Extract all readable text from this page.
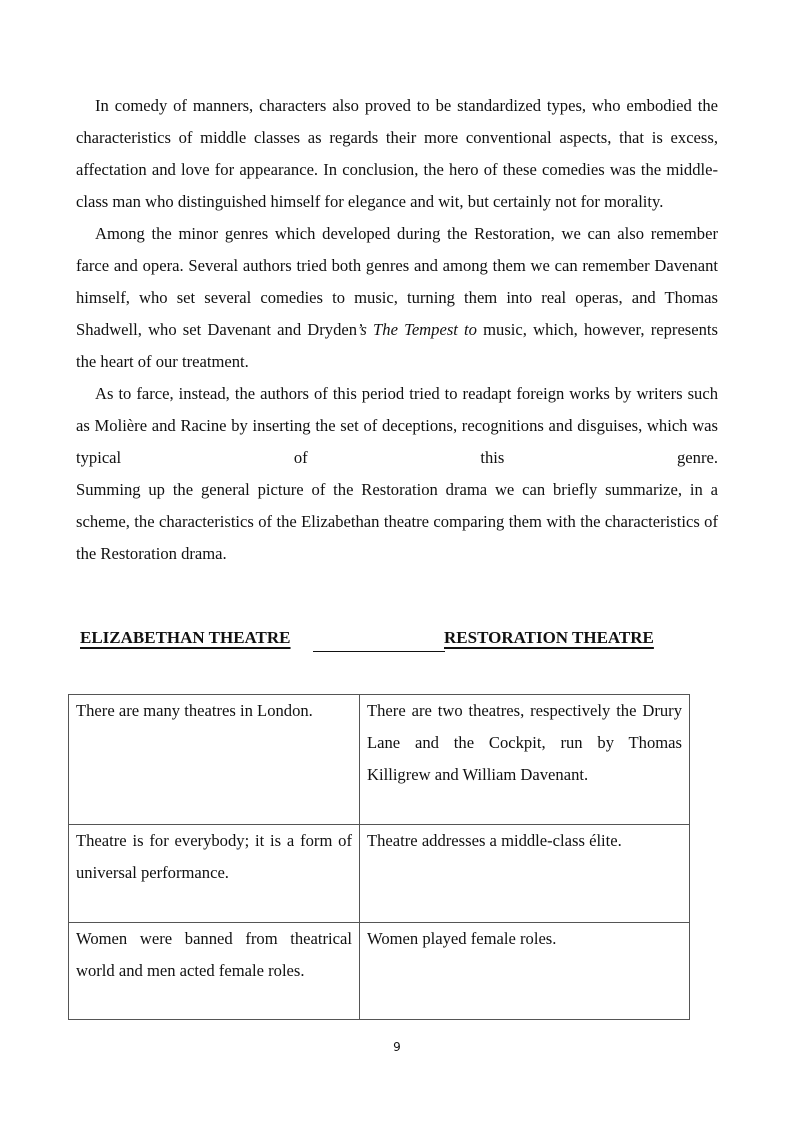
In comedy of manners, characters also proved to be standardized types, who embodied the characteristics of middle classes as regards their more conventional aspects, that is excess, affectation and love for appearance. In conclusion, the hero of these comedies was the middle-class man who distinguished himself for elegance and wit, but certainly not for morality.

Among the minor genres which developed during the Restoration, we can also remember farce and opera. Several authors tried both genres and among them we can remember Davenant himself, who set several comedies to music, turning them into real operas, and Thomas Shadwell, who set Davenant and Dryden’s The Tempest to music, which, however, represents the heart of our treatment.

As to farce, instead, the authors of this period tried to readapt foreign works by writers such as Molière and Racine by inserting the set of deceptions, recognitions and disguises, which was typical of this genre.

Summing up the general picture of the Restoration drama we can briefly summarize, in a scheme, the characteristics of the Elizabethan theatre comparing them with the characteristics of the Restoration drama.

ELIZABETHAN THEATRE	RESTORATION THEATRE
There are many theatres in London.	There are two theatres, respectively the Drury Lane and the Cockpit, run by Thomas Killigrew and William Davenant.
Theatre is for everybody; it is a form of universal performance.	Theatre addresses a middle-class élite.
Women were banned from theatrical world and men acted female roles.	Women played female roles.
9
